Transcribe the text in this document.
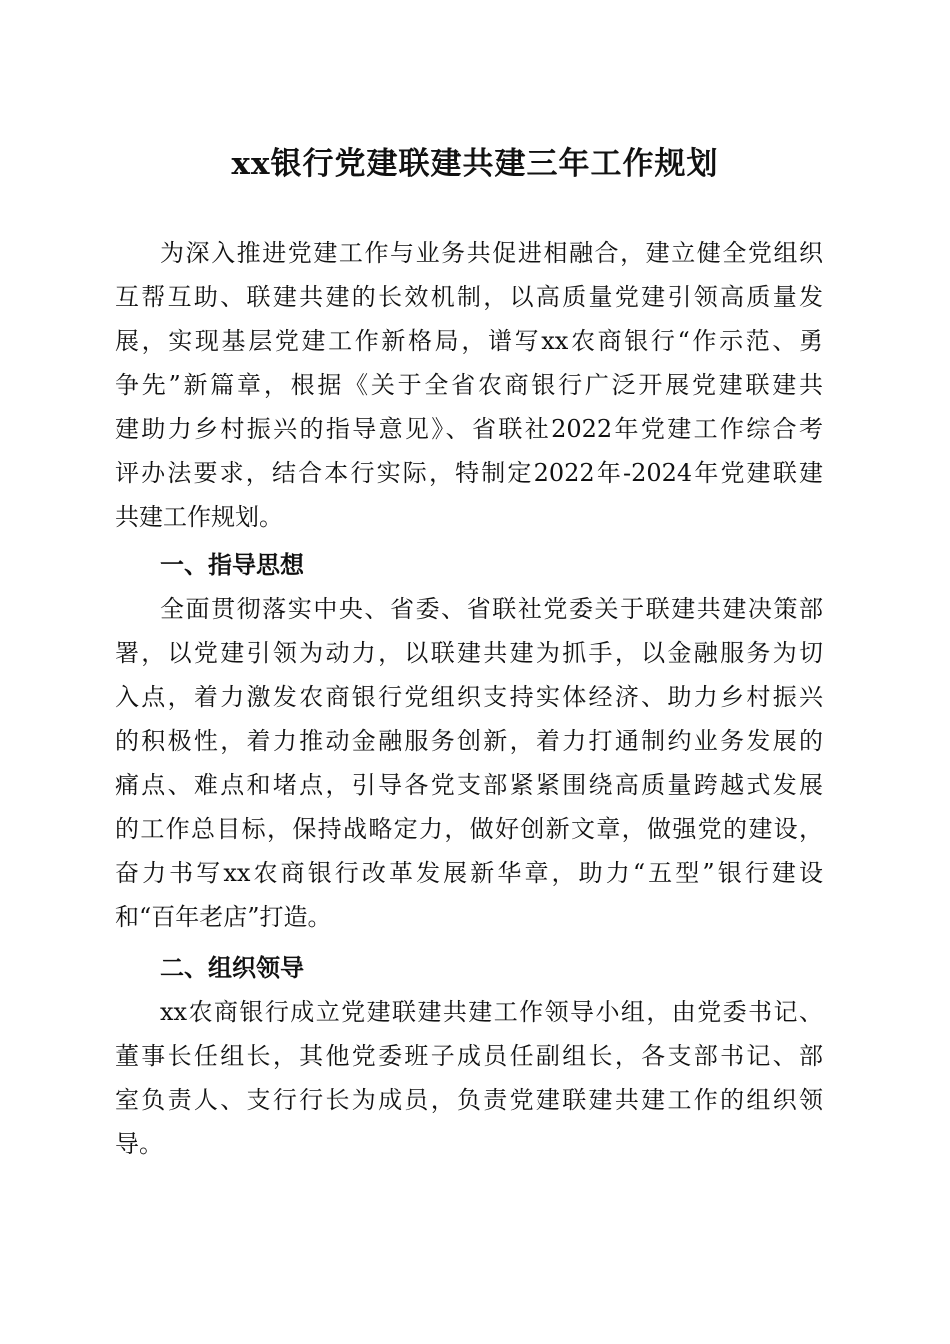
xx银行党建联建共建三年工作规划
为深入推进党建工作与业务共促进相融合，建立健全党组织
互帮互助、联建共建的长效机制，以高质量党建引领高质量发
展，实现基层党建工作新格局，谱写xx农商银行“作示范、勇
争先”新篇章，根据《关于全省农商银行广泛开展党建联建共
建助力乡村振兴的指导意见》、省联社2022年党建工作综合考
评办法要求，结合本行实际，特制定2022年-2024年党建联建
共建工作规划。
一、指导思想
全面贯彻落实中央、省委、省联社党委关于联建共建决策部
署，以党建引领为动力，以联建共建为抓手，以金融服务为切
入点，着力激发农商银行党组织支持实体经济、助力乡村振兴
的积极性，着力推动金融服务创新，着力打通制约业务发展的
痛点、难点和堵点，引导各党支部紧紧围绕高质量跨越式发展
的工作总目标，保持战略定力，做好创新文章，做强党的建设，
奋力书写xx农商银行改革发展新华章，助力“五型”银行建设
和“百年老店”打造。
二、组织领导
xx农商银行成立党建联建共建工作领导小组，由党委书记、
董事长任组长，其他党委班子成员任副组长，各支部书记、部
室负责人、支行行长为成员，负责党建联建共建工作的组织领
导。
